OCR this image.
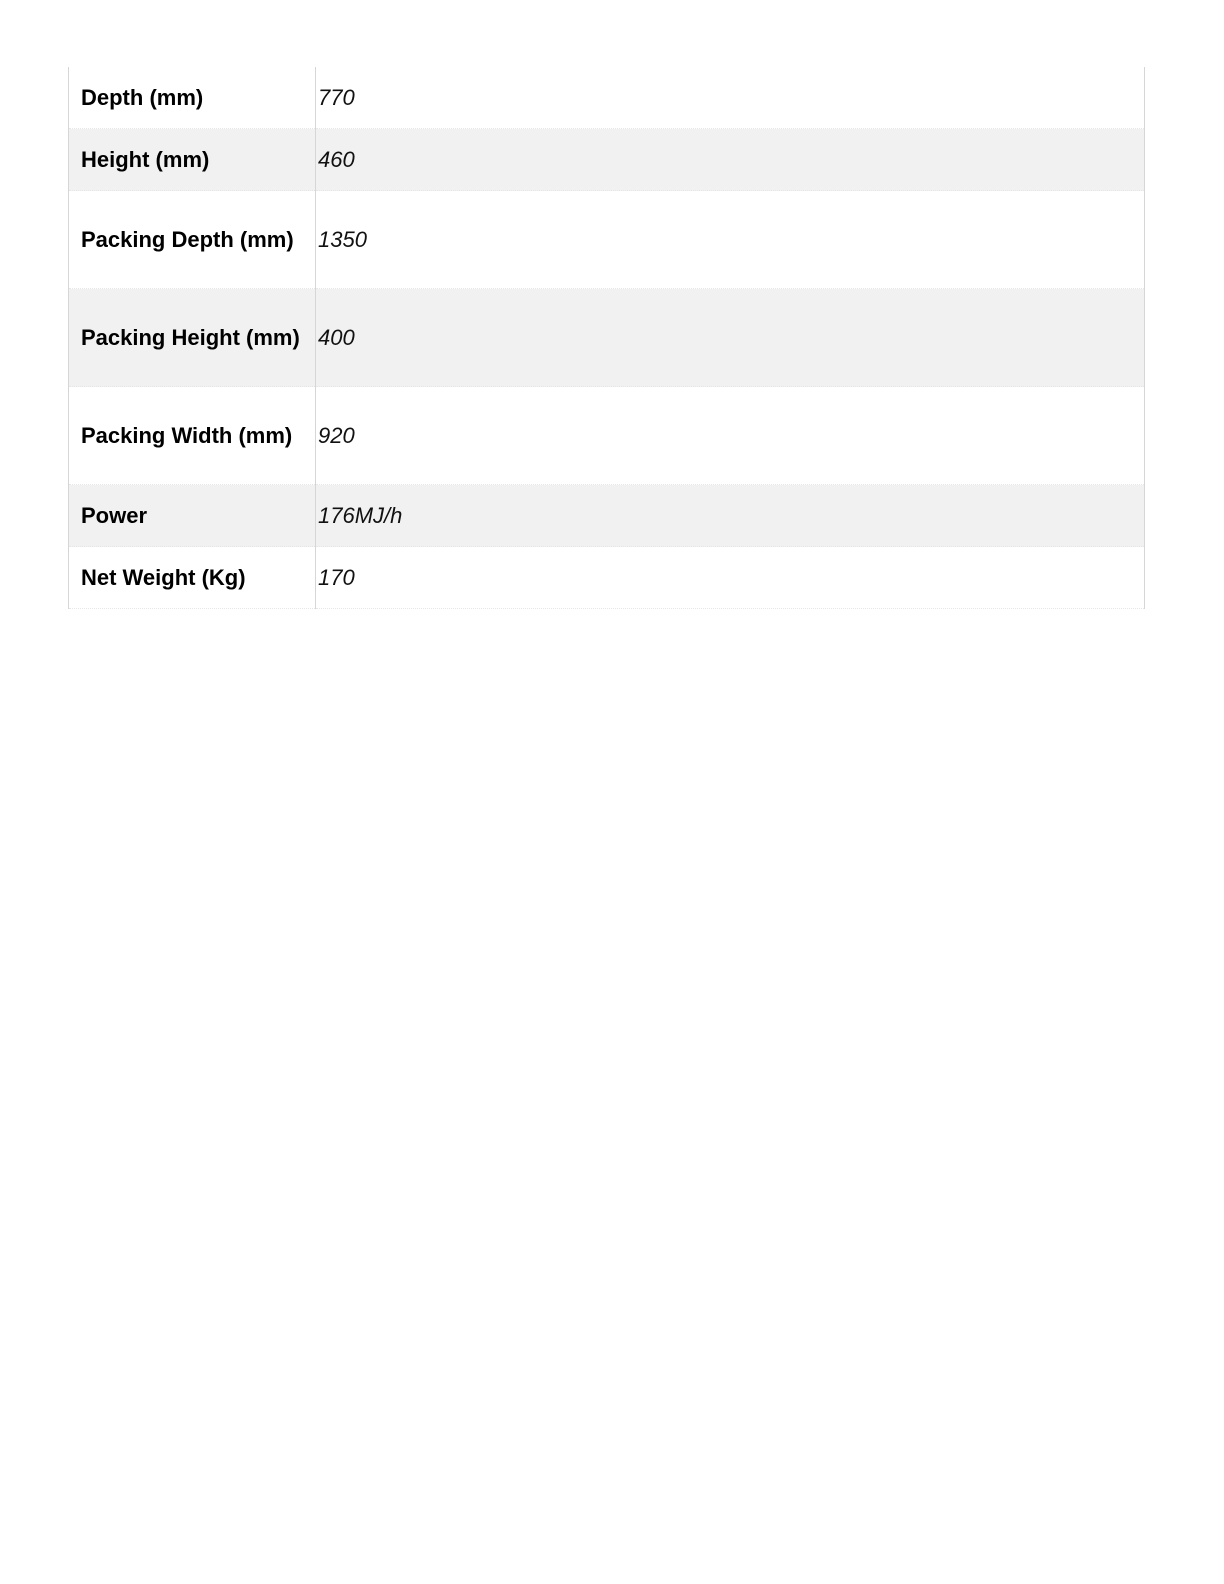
Depth (mm)	770
Height (mm)	460
Packing Depth (mm)	1350
Packing Height (mm)	400
Packing Width (mm)	920
Power	176MJ/h
Net Weight (Kg)	170
